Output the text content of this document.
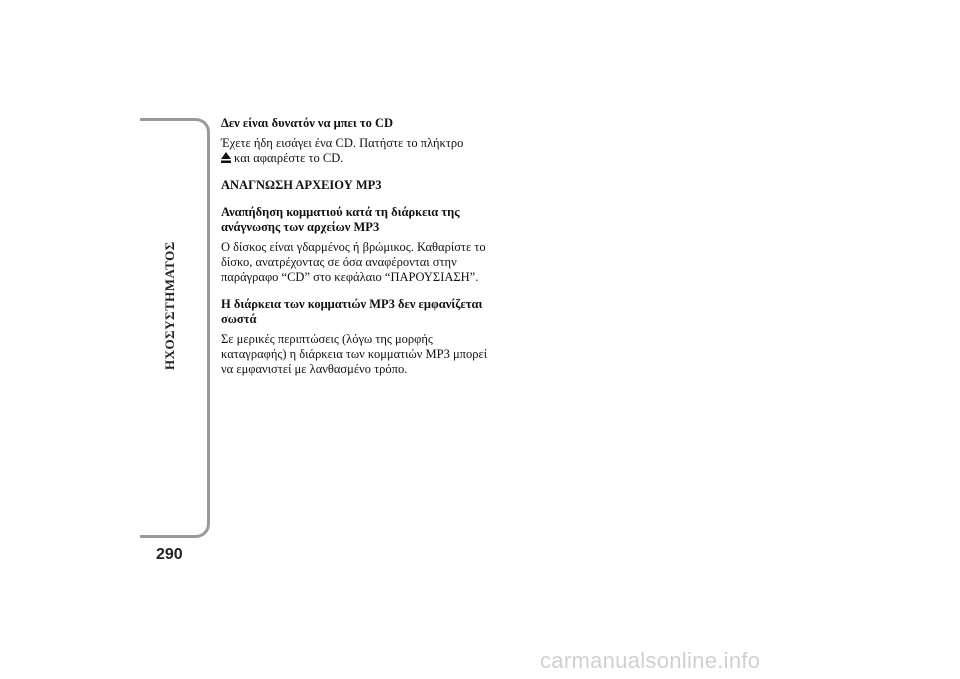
ΗΧΟΣΥΣΤΗΜΑΤΟΣ
290
Δεν είναι δυνατόν να μπει το CD
Έχετε ήδη εισάγει ένα CD. Πατήστε το πλήκτρο
και αφαιρέστε το CD.
ΑΝΑΓΝΩΣΗ ΑΡΧΕΙΟΥ MP3
Αναπήδηση κομματιού κατά τη διάρκεια της
ανάγνωσης των αρχείων MP3
Ο δίσκος είναι γδαρμένος ή βρώμικος. Καθαρίστε το
δίσκο, ανατρέχοντας σε όσα αναφέρονται στην
παράγραφο “CD” στο κεφάλαιο “ΠΑΡΟΥΣΙΑΣΗ”.
Η διάρκεια των κομματιών MP3 δεν εμφανίζεται
σωστά
Σε μερικές περιπτώσεις (λόγω της μορφής
καταγραφής) η διάρκεια των κομματιών MP3 μπορεί
να εμφανιστεί με λανθασμένο τρόπο.
carmanualsonline.info
